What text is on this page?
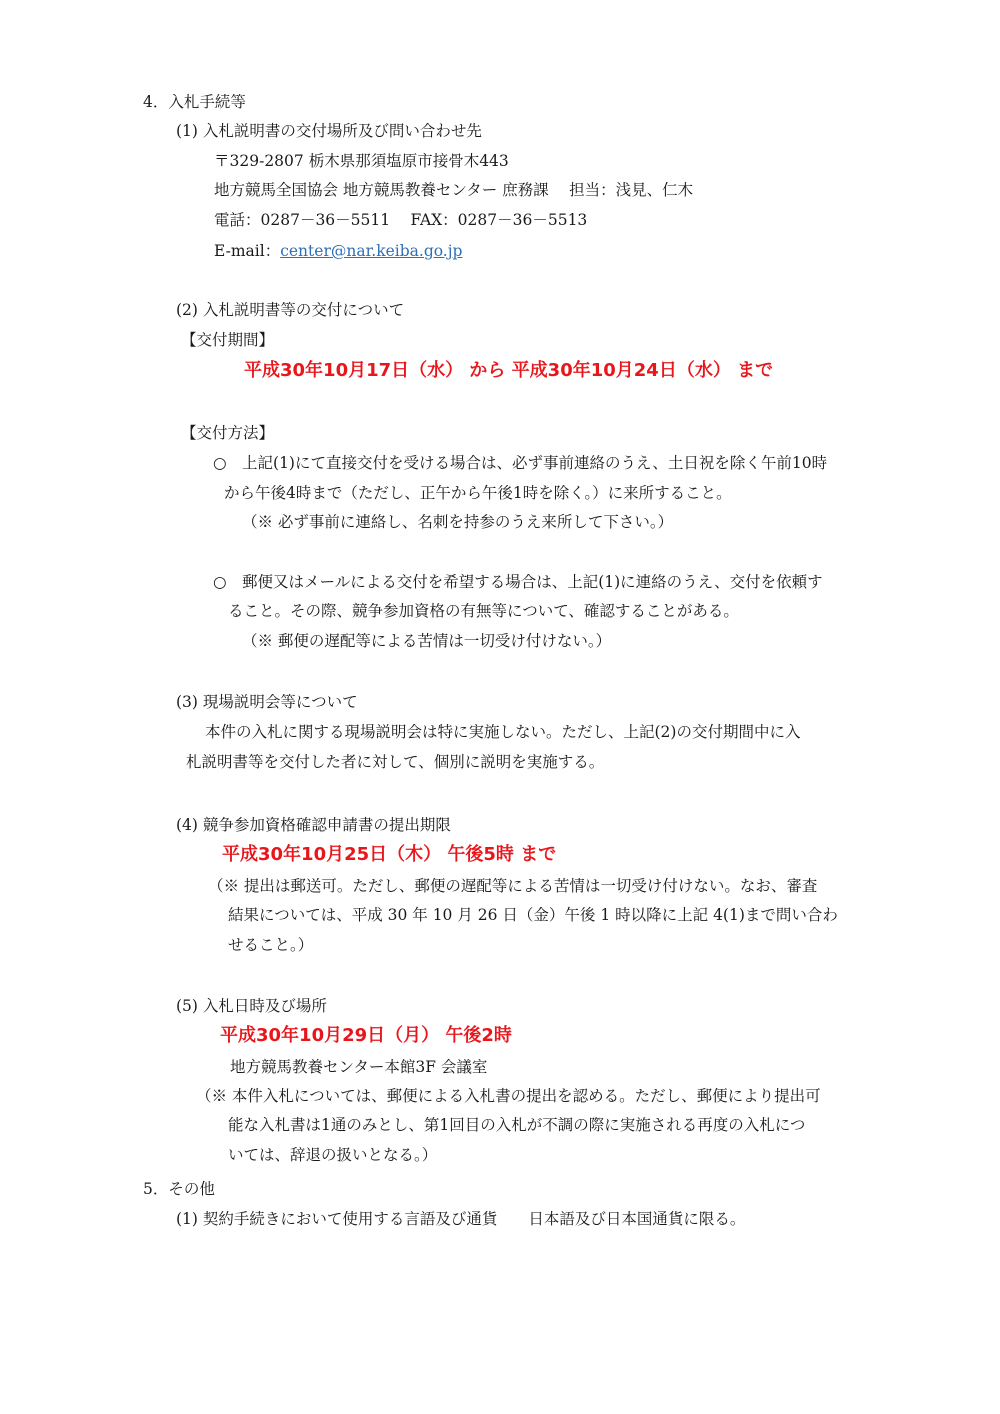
4．入札手続等
(1) 入札説明書の交付場所及び問い合わせ先
〒329-2807 栃木県那須塩原市接骨木443
地方競馬全国協会 地方競馬教養センター 庶務課　 担当：浅見、仁木
電話：0287－36－5511　 FAX：0287－36－5513
E-mail：center@nar.keiba.go.jp
(2) 入札説明書等の交付について
【交付期間】
平成30年10月17日（水） から 平成30年10月24日（水） まで
【交付方法】
○　上記(1)にて直接交付を受ける場合は、必ず事前連絡のうえ、土日祝を除く午前10時
から午後4時まで（ただし、正午から午後1時を除く。）に来所すること。
（※ 必ず事前に連絡し、名刺を持参のうえ来所して下さい。）
○　郵便又はメールによる交付を希望する場合は、上記(1)に連絡のうえ、交付を依頼す
ること。その際、競争参加資格の有無等について、確認することがある。
（※ 郵便の遅配等による苦情は一切受け付けない。）
(3) 現場説明会等について
本件の入札に関する現場説明会は特に実施しない。ただし、上記(2)の交付期間中に入
札説明書等を交付した者に対して、個別に説明を実施する。
(4) 競争参加資格確認申請書の提出期限
平成30年10月25日（木） 午後5時 まで
（※ 提出は郵送可。ただし、郵便の遅配等による苦情は一切受け付けない。なお、審査
結果については、平成 30 年 10 月 26 日（金）午後 1 時以降に上記 4(1)まで問い合わ
せること。）
(5) 入札日時及び場所
平成30年10月29日（月） 午後2時
地方競馬教養センター本館3F 会議室
（※ 本件入札については、郵便による入札書の提出を認める。ただし、郵便により提出可
能な入札書は1通のみとし、第1回目の入札が不調の際に実施される再度の入札につ
いては、辞退の扱いとなる。）
5．その他
(1) 契約手続きにおいて使用する言語及び通貨　　日本語及び日本国通貨に限る。
